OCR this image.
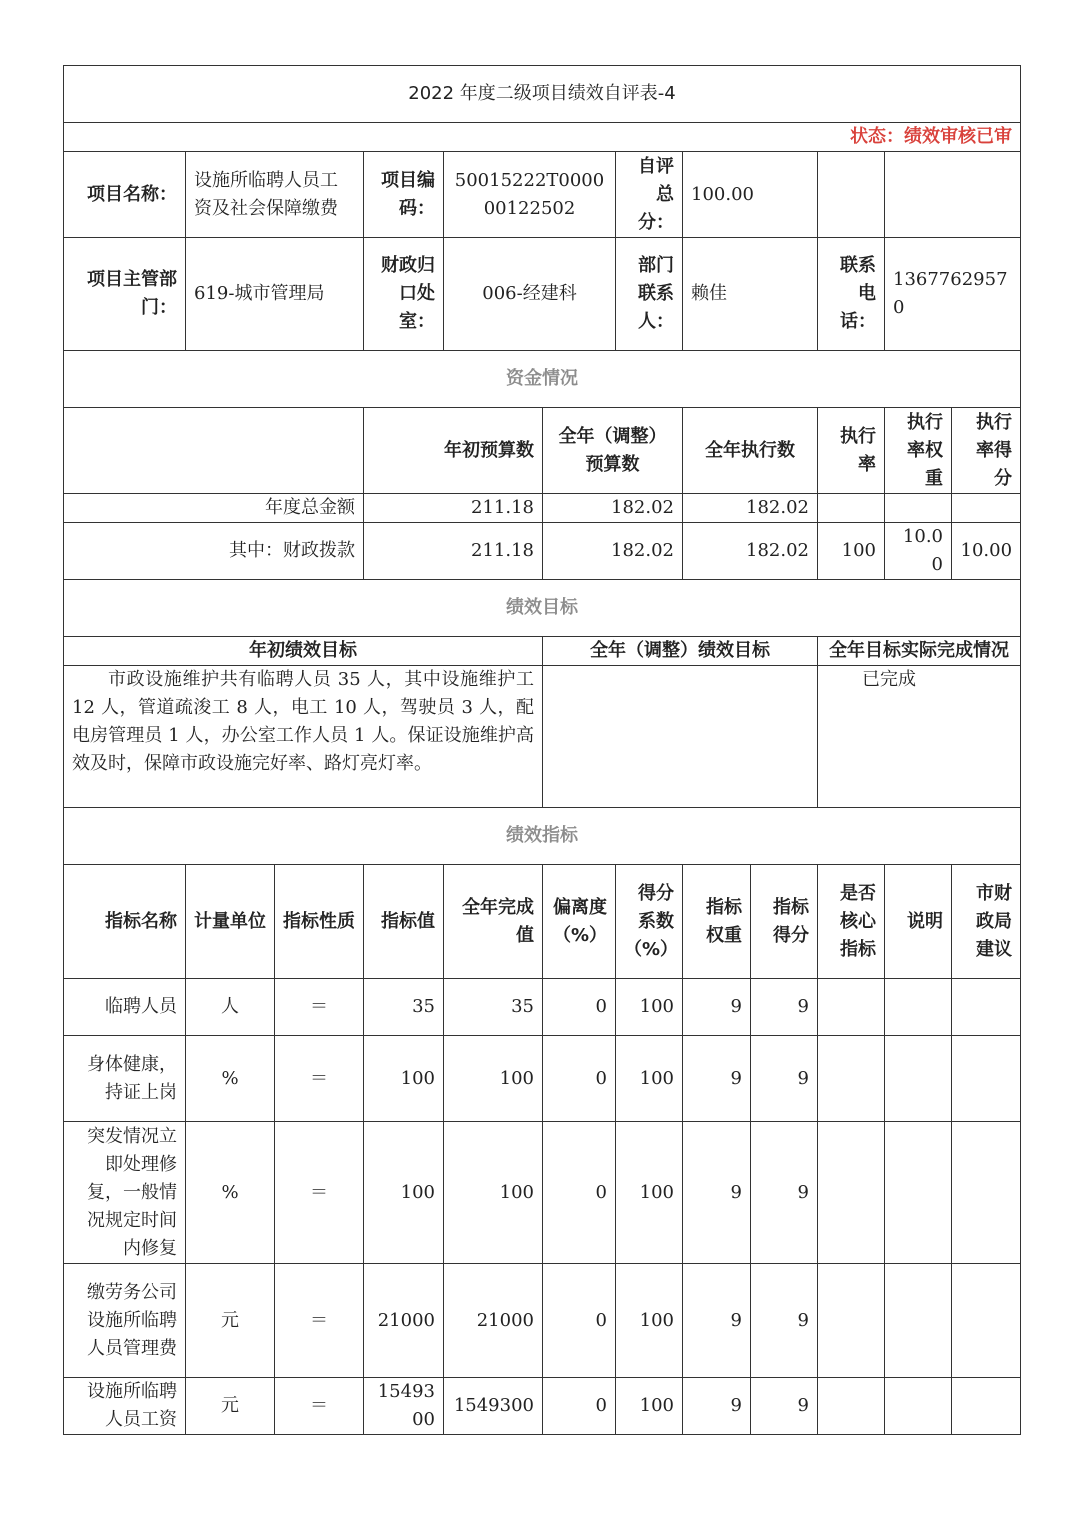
2022 年度二级项目绩效自评表-4											
状态：绩效审核已审											
项目名称：	设施所临聘人员工资及社会保障缴费		项目编码：	50015222T000000122502		自评总分：	100.00				
项目主管部门：	619-城市管理局		财政归口处室：	006-经建科		部门联系人：	赖佳		联系电话：	13677629570	
资金情况											
			年初预算数		全年（调整）预算数		全年执行数		执行率	执行率权重	执行率得分
年度总金额			211.18		182.02		182.02				
其中：财政拨款			211.18		182.02		182.02		100	10.00	10.00
绩效目标											
年初绩效目标					全年（调整）绩效目标				全年目标实际完成情况		
市政设施维护共有临聘人员 35 人，其中设施维护工 12 人，管道疏浚工 8 人，电工 10 人，驾驶员 3 人，配电房管理员 1 人，办公室工作人员 1 人。保证设施维护高效及时，保障市政设施完好率、路灯亮灯率。									已完成		
绩效指标											
指标名称	计量单位	指标性质	指标值	全年完成值	偏离度（%）	得分系数（%）	指标权重	指标得分	是否核心指标	说明	市财政局建议
临聘人员	人	＝	35	35	0	100	9	9			
身体健康，持证上岗	%	＝	100	100	0	100	9	9			
突发情况立即处理修复，一般情况规定时间内修复	%	＝	100	100	0	100	9	9			
缴劳务公司设施所临聘人员管理费	元	＝	21000	21000	0	100	9	9			
设施所临聘人员工资	元	＝	1549300	1549300	0	100	9	9			
